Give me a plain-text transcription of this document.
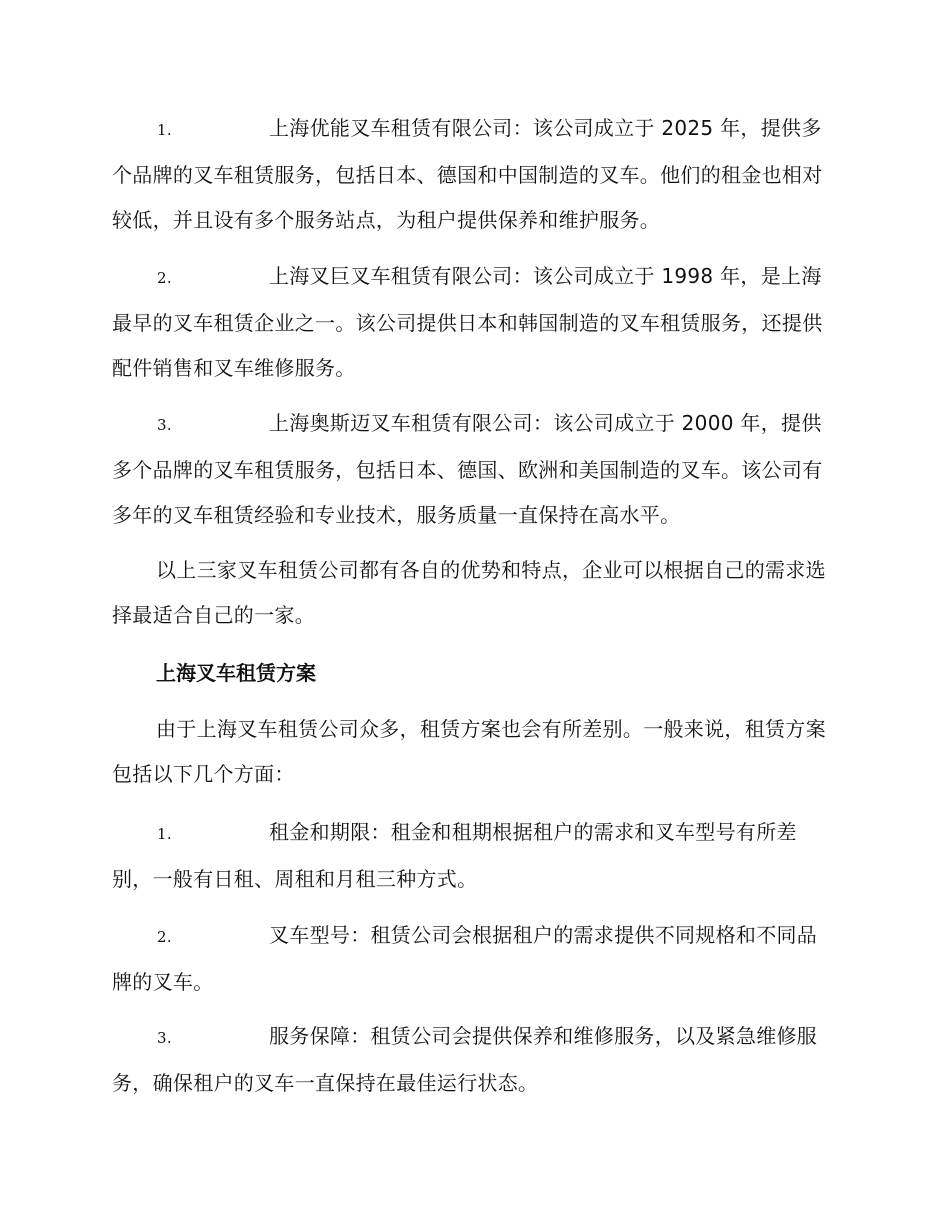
1.	上海优能叉车租赁有限公司：该公司成立于 2025 年，提供多个品牌的叉车租赁服务，包括日本、德国和中国制造的叉车。他们的租金也相对较低，并且设有多个服务站点，为租户提供保养和维护服务。

2.	上海叉巨叉车租赁有限公司：该公司成立于 1998 年，是上海最早的叉车租赁企业之一。该公司提供日本和韩国制造的叉车租赁服务，还提供配件销售和叉车维修服务。

3.	上海奥斯迈叉车租赁有限公司：该公司成立于 2000 年，提供多个品牌的叉车租赁服务，包括日本、德国、欧洲和美国制造的叉车。该公司有多年的叉车租赁经验和专业技术，服务质量一直保持在高水平。

以上三家叉车租赁公司都有各自的优势和特点，企业可以根据自己的需求选择最适合自己的一家。

上海叉车租赁方案

由于上海叉车租赁公司众多，租赁方案也会有所差别。一般来说，租赁方案包括以下几个方面：

1.	租金和期限：租金和租期根据租户的需求和叉车型号有所差别，一般有日租、周租和月租三种方式。

2.	叉车型号：租赁公司会根据租户的需求提供不同规格和不同品牌的叉车。

3.	服务保障：租赁公司会提供保养和维修服务，以及紧急维修服务，确保租户的叉车一直保持在最佳运行状态。
